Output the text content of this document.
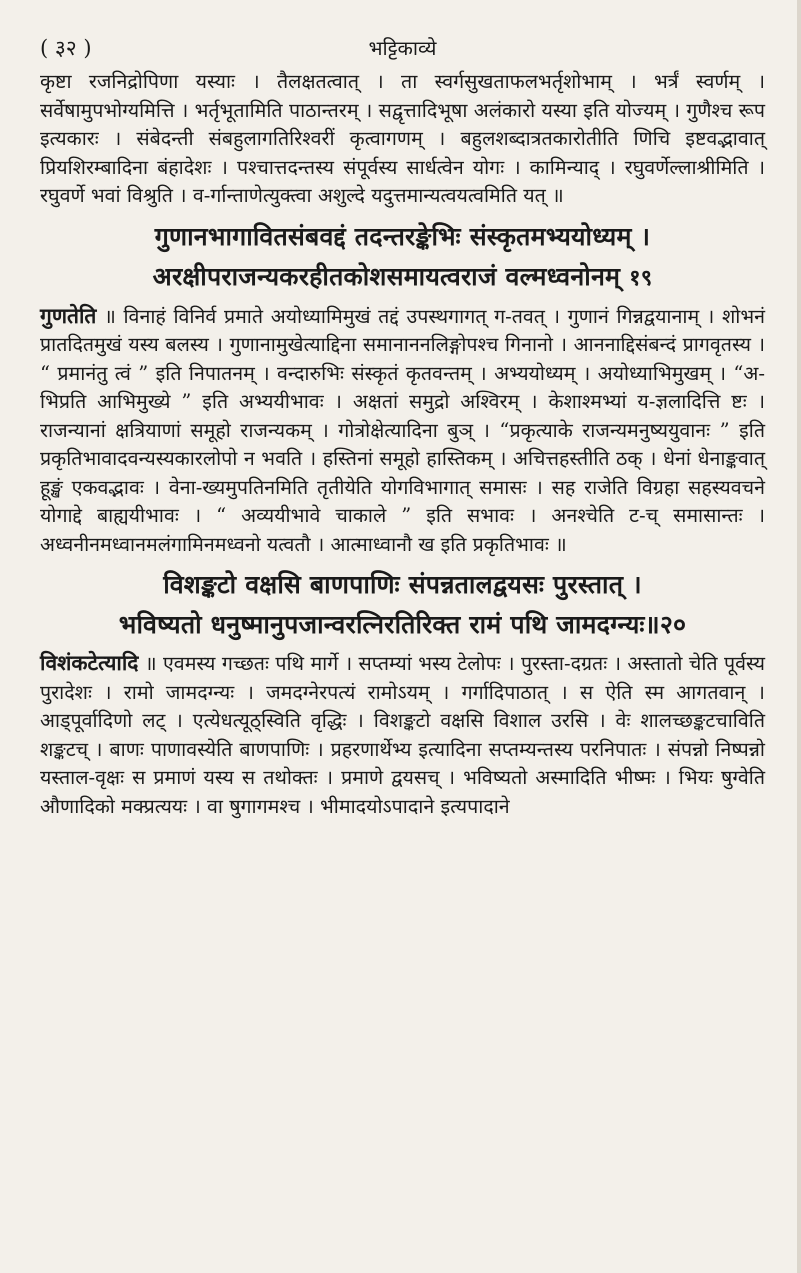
( ३२ )	भट्टिकाव्ये

कृष्टा रजनिद्रोपिणा यस्याः । तैलक्षतत्वात् । ता स्वर्गसुखताफलभर्तृशोभाम् । भर्त्रं स्वर्णम् । सर्वेषामुपभोग्यमित्ति । भर्तृभूतामिति पाठान्तरम् । सद्वृत्तादिभूषा अलंकारो यस्या इति योज्यम् । गुणैश्च रूप इत्यकारः । संबेदन्ती संबहुलागतिरिश्वरीं कृत्वागणम् । बहुलशब्दात्रतकारोतीति णिचि इष्टवद्भावात् प्रियशिरम्बादिना बंहादेशः । पश्चात्तदन्तस्य संपूर्वस्य सार्धत्वेन योगः । कामिन्याद् । रघुवर्णेल्लाश्रीमिति । रघुवर्णे भवां विश्रुति । व-र्गान्ताणेत्युक्त्वा अशुल्दे यदुत्तमान्यत्वयत्वमिति यत् ॥

गुणानभागावितसंबवद्दं तदन्तरङ्केभिः संस्कृतमभ्ययोध्यम् ।
अरक्षीपराजन्यकरहीतकोशसमायत्वराजं वल्मध्वनोनम् १९

गुणतेति ॥ विनाहं विनिर्व प्रमाते अयोध्यामिमुखं तद्दं उपस्थगागत् ग-तवत् । गुणानं गिन्नद्वयानाम् । शोभनं प्रातदितमुखं यस्य बलस्य । गुणानामुखेत्याद्दिना समानाननलिङ्गोपश्च गिनानो । आननाद्दिसंबन्दं प्रागवृतस्य । “ प्रमानंतु त्वं ” इति निपातनम् । वन्दारुभिः संस्कृतं कृतवन्तम् । अभ्ययोध्यम् । अयोध्याभिमुखम् । “अ-भिप्रति आभिमुख्ये ” इति अभ्ययीभावः । अक्षतां समुद्रो अश्विरम् । केशाश्मभ्यां य-ज्ञलादित्ति ष्टः । राजन्यानां क्षत्रियाणां समूहो राजन्यकम् । गोत्रोक्षेत्यादिना बुञ् । “प्रकृत्याके राजन्यमनुष्ययुवानः ” इति प्रकृतिभावादवन्यस्यकारलोपो न भवति । हस्तिनां समूहो हास्तिकम् । अचित्तहस्तीति ठक् । धेनां धेनाङ्कवात् हूङ्खं एकवद्भावः । वेना-ख्यमुपतिनमिति तृतीयेति योगविभागात् समासः । सह राजेति विग्रहा सहस्यवचने योगाद्दे बाह्ययीभावः । “ अव्ययीभावे चाकाले ” इति सभावः । अनश्चेति ट-च् समासान्तः । अध्वनीनमध्वानमलंगामिनमध्वनो यत्वतौ । आत्माध्वानौ ख इति प्रकृतिभावः ॥

विशङ्कटो वक्षसि बाणपाणिः संपन्नतालद्वयसः पुरस्तात् ।
भविष्यतो धनुष्मानुपजान्वरत्निरतिरिक्त रामं पथि जामदग्न्यः॥२०

विशंकटेत्यादि ॥ एवमस्य गच्छतः पथि मार्गे । सप्तम्यां भस्य टेलोपः । पुरस्ता-दग्रतः । अस्तातो चेति पूर्वस्य पुरादेशः । रामो जामदग्न्यः । जमदग्नेरपत्यं रामोऽयम् । गर्गादिपाठात् । स ऐति स्म आगतवान् । आड्पूर्वादिणो लट् । एत्येधत्यूठ्स्विति वृद्धिः । विशङ्कटो वक्षसि विशाल उरसि । वेः शालच्छङ्कटचाविति शङ्कटच् । बाणः पाणावस्येति बाणपाणिः । प्रहरणार्थेभ्य इत्यादिना सप्तम्यन्तस्य परनिपातः । संपन्नो निष्पन्नो यस्ताल-वृक्षः स प्रमाणं यस्य स तथोक्तः । प्रमाणे द्वयसच् । भविष्यतो अस्मादिति भीष्मः । भियः षुग्वेति औणादिको मक्प्रत्ययः । वा षुगागमश्च । भीमादयोऽपादाने इत्यपादाने
